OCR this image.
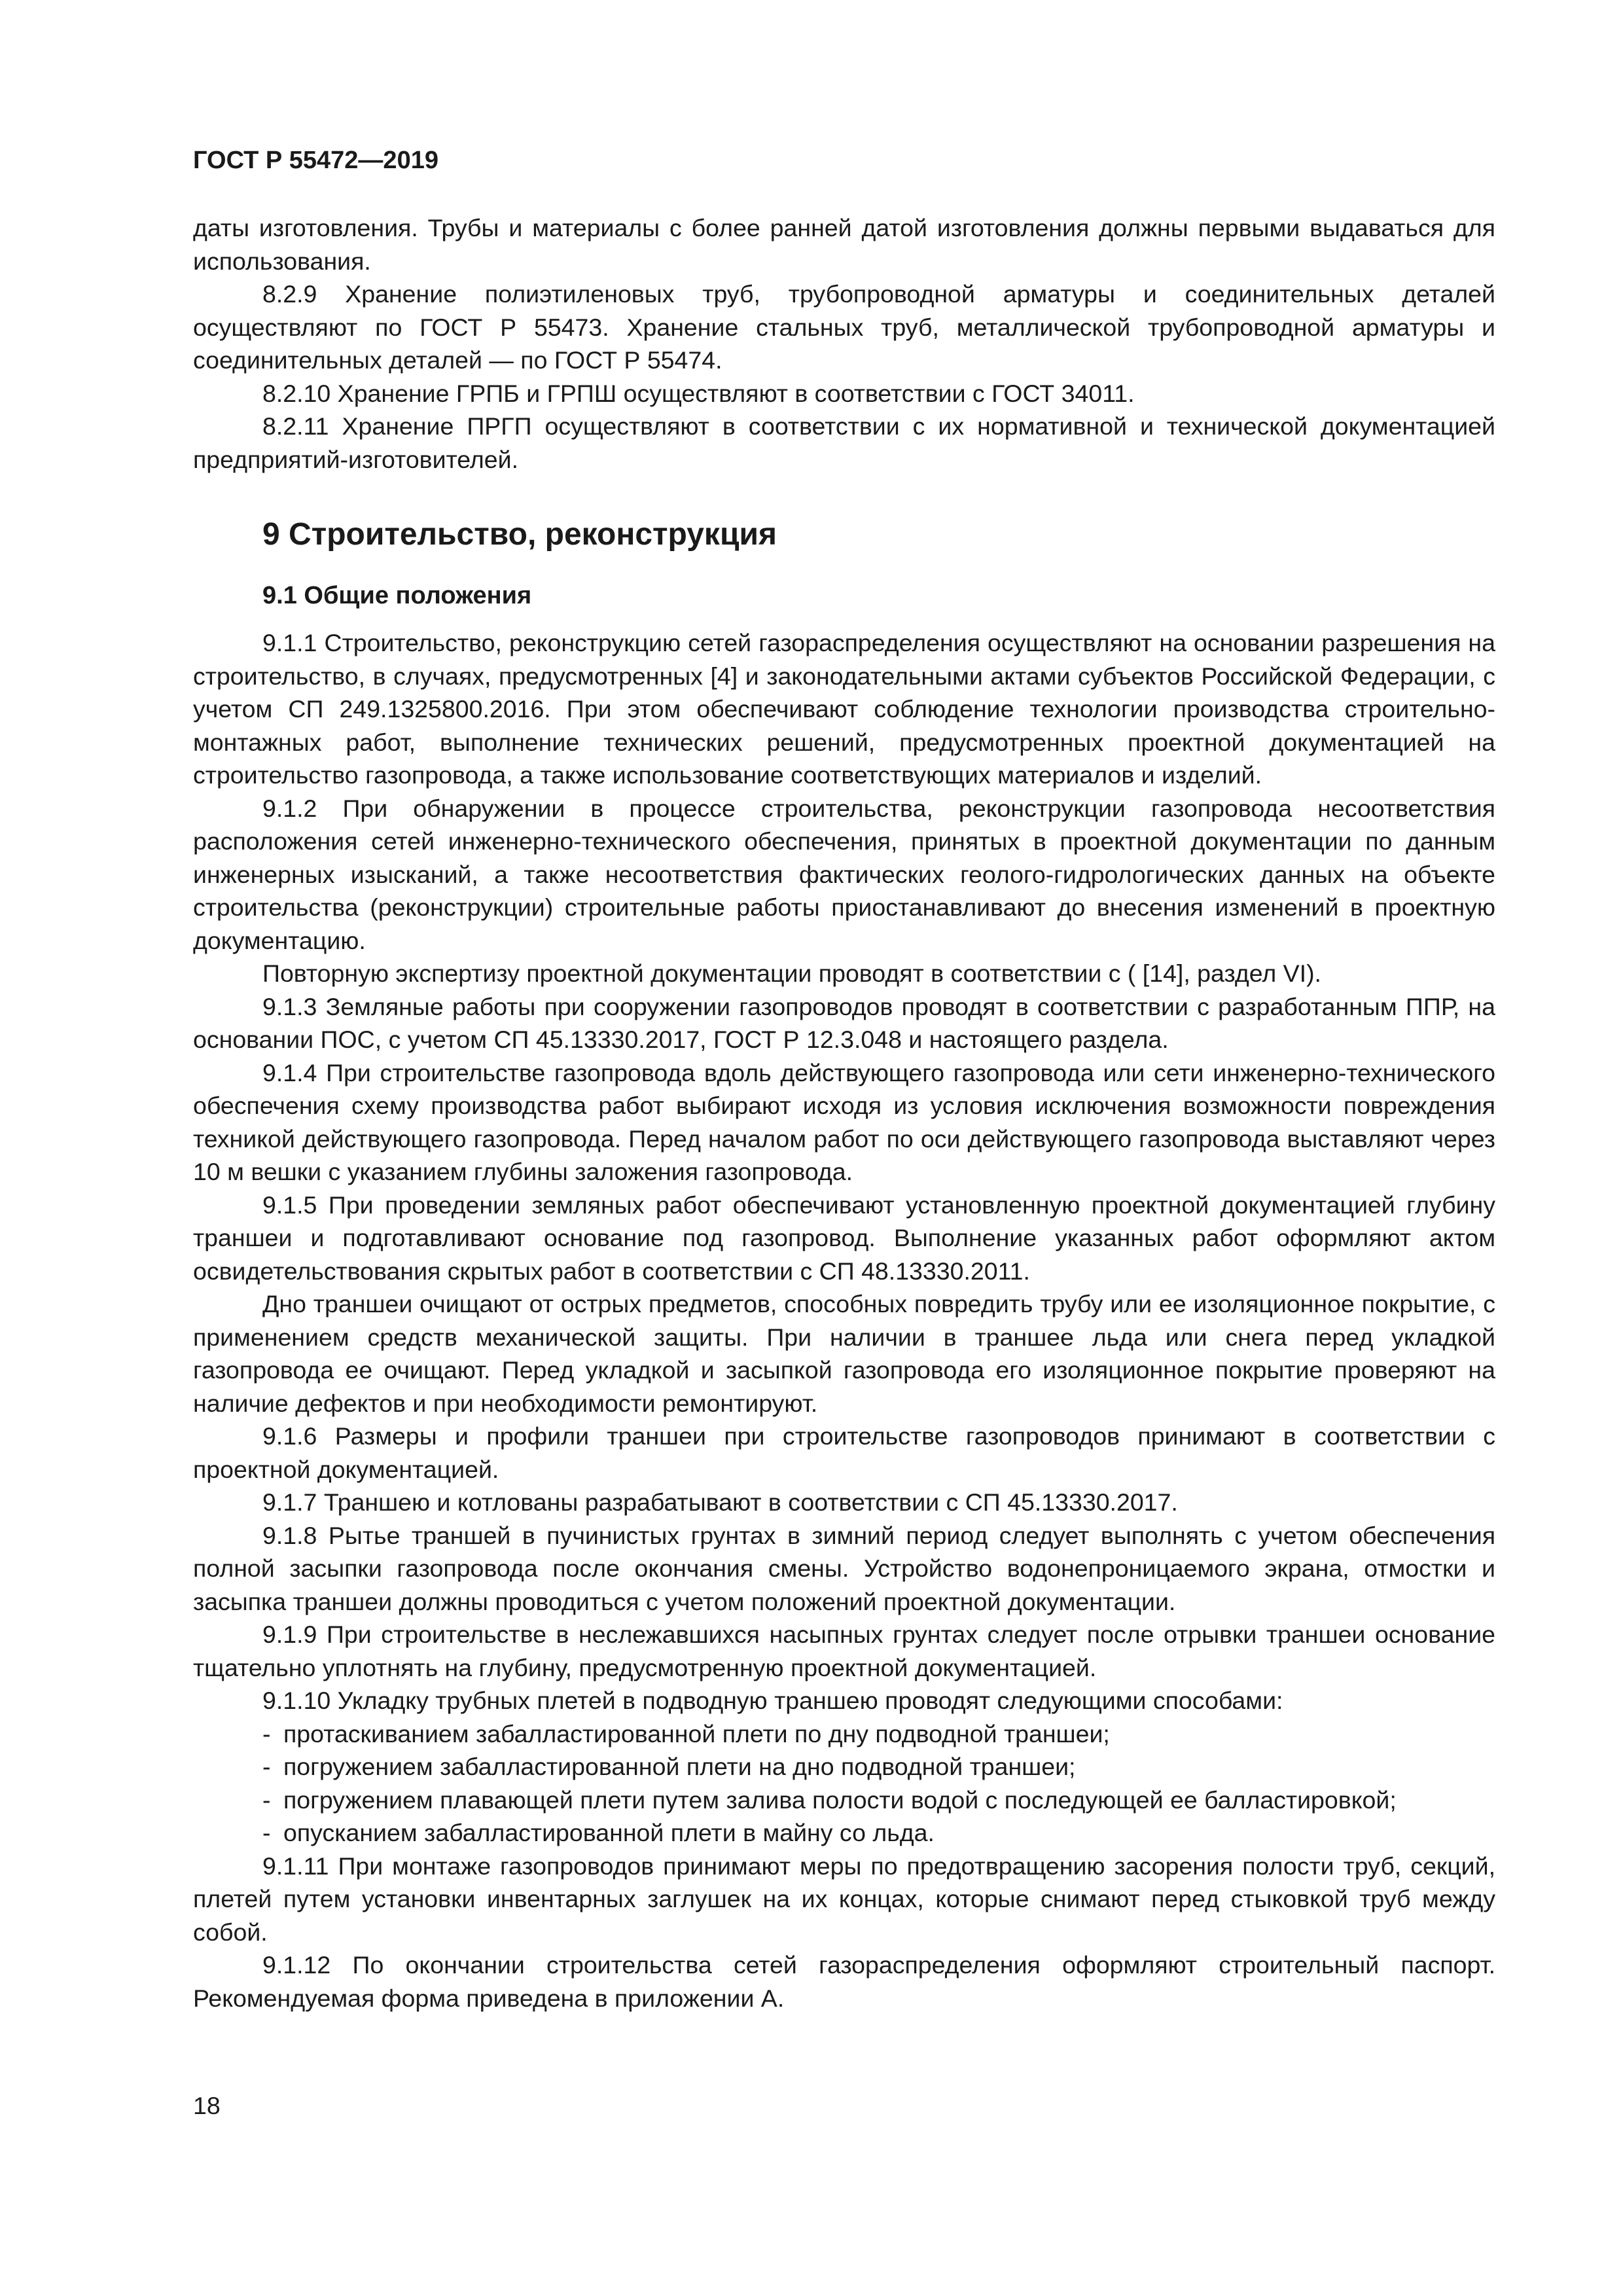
ГОСТ Р 55472—2019

даты изготовления. Трубы и материалы с более ранней датой изготовления должны первыми выдаваться для использования.

8.2.9 Хранение полиэтиленовых труб, трубопроводной арматуры и соединительных деталей осуществляют по ГОСТ Р 55473. Хранение стальных труб, металлической трубопроводной арматуры и соединительных деталей — по ГОСТ Р 55474.

8.2.10 Хранение ГРПБ и ГРПШ осуществляют в соответствии с ГОСТ 34011.

8.2.11 Хранение ПРГП осуществляют в соответствии с их нормативной и технической документацией предприятий-изготовителей.

9 Строительство, реконструкция
9.1 Общие положения

9.1.1 Строительство, реконструкцию сетей газораспределения осуществляют на основании разрешения на строительство, в случаях, предусмотренных [4] и законодательными актами субъектов Российской Федерации, с учетом СП 249.1325800.2016. При этом обеспечивают соблюдение технологии производства строительно-монтажных работ, выполнение технических решений, предусмотренных проектной документацией на строительство газопровода, а также использование соответствующих материалов и изделий.

9.1.2 При обнаружении в процессе строительства, реконструкции газопровода несоответствия расположения сетей инженерно-технического обеспечения, принятых в проектной документации по данным инженерных изысканий, а также несоответствия фактических геолого-гидрологических данных на объекте строительства (реконструкции) строительные работы приостанавливают до внесения изменений в проектную документацию.

Повторную экспертизу проектной документации проводят в соответствии с ( [14], раздел VI).

9.1.3 Земляные работы при сооружении газопроводов проводят в соответствии с разработанным ППР, на основании ПОС, с учетом СП 45.13330.2017, ГОСТ Р 12.3.048 и настоящего раздела.

9.1.4 При строительстве газопровода вдоль действующего газопровода или сети инженерно-технического обеспечения схему производства работ выбирают исходя из условия исключения возможности повреждения техникой действующего газопровода. Перед началом работ по оси действующего газопровода выставляют через 10 м вешки с указанием глубины заложения газопровода.

9.1.5 При проведении земляных работ обеспечивают установленную проектной документацией глубину траншеи и подготавливают основание под газопровод. Выполнение указанных работ оформляют актом освидетельствования скрытых работ в соответствии с СП 48.13330.2011.

Дно траншеи очищают от острых предметов, способных повредить трубу или ее изоляционное покрытие, с применением средств механической защиты. При наличии в траншее льда или снега перед укладкой газопровода ее очищают. Перед укладкой и засыпкой газопровода его изоляционное покрытие проверяют на наличие дефектов и при необходимости ремонтируют.

9.1.6 Размеры и профили траншеи при строительстве газопроводов принимают в соответствии с проектной документацией.

9.1.7 Траншею и котлованы разрабатывают в соответствии с СП 45.13330.2017.

9.1.8 Рытье траншей в пучинистых грунтах в зимний период следует выполнять с учетом обеспечения полной засыпки газопровода после окончания смены. Устройство водонепроницаемого экрана, отмостки и засыпка траншеи должны проводиться с учетом положений проектной документации.

9.1.9 При строительстве в неслежавшихся насыпных грунтах следует после отрывки траншеи основание тщательно уплотнять на глубину, предусмотренную проектной документацией.

9.1.10 Укладку трубных плетей в подводную траншею проводят следующими способами:

- протаскиванием забалластированной плети по дну подводной траншеи;

- погружением забалластированной плети на дно подводной траншеи;

- погружением плавающей плети путем залива полости водой с последующей ее балластировкой;

- опусканием забалластированной плети в майну со льда.

9.1.11 При монтаже газопроводов принимают меры по предотвращению засорения полости труб, секций, плетей путем установки инвентарных заглушек на их концах, которые снимают перед стыковкой труб между собой.

9.1.12 По окончании строительства сетей газораспределения оформляют строительный паспорт. Рекомендуемая форма приведена в приложении А.

18
